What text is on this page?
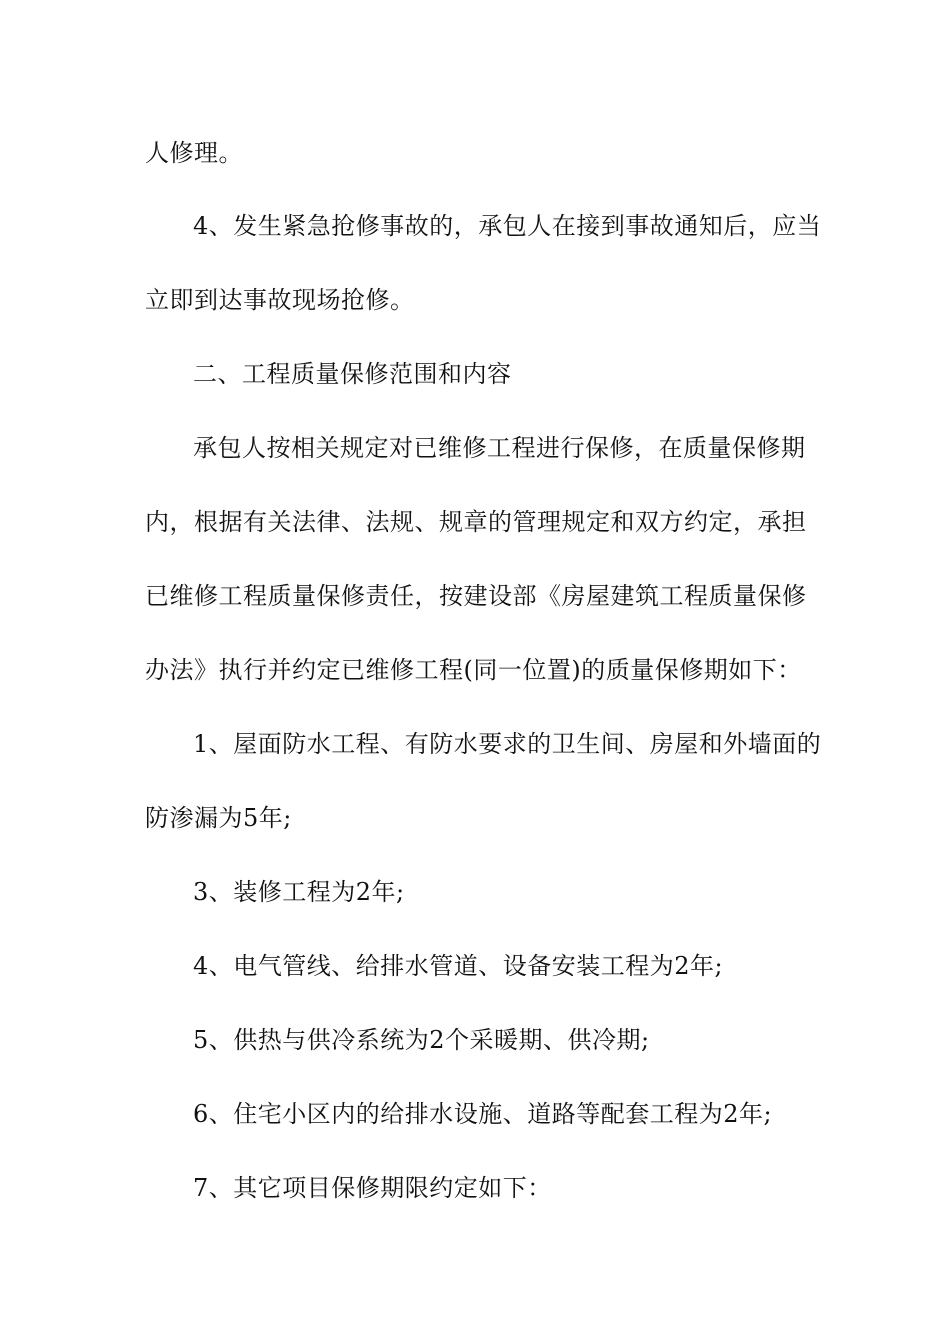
人修理。
4、发生紧急抢修事故的，承包人在接到事故通知后，应当
立即到达事故现场抢修。
二、工程质量保修范围和内容
承包人按相关规定对已维修工程进行保修，在质量保修期
内，根据有关法律、法规、规章的管理规定和双方约定，承担
已维修工程质量保修责任，按建设部《房屋建筑工程质量保修
办法》执行并约定已维修工程(同一位置)的质量保修期如下：
1、屋面防水工程、有防水要求的卫生间、房屋和外墙面的
防渗漏为5年;
3、装修工程为2年;
4、电气管线、给排水管道、设备安装工程为2年;
5、供热与供冷系统为2个采暖期、供冷期;
6、住宅小区内的给排水设施、道路等配套工程为2年;
7、其它项目保修期限约定如下：
